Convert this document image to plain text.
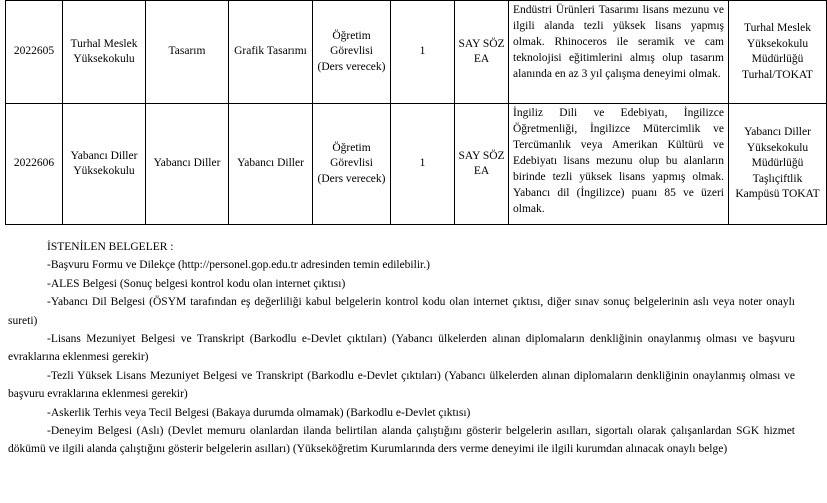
2022605	Turhal Meslek Yüksekokulu	Tasarım	Grafik Tasarımı	Öğretim Görevlisi (Ders verecek)	1	SAY SÖZ EA	Endüstri Ürünleri Tasarımı lisans mezunu ve ilgili alanda tezli yüksek lisans yapmış olmak. Rhinoceros ile seramik ve cam teknolojisi eğitimlerini almış olup tasarım alanında en az 3 yıl çalışma deneyimi olmak.	Turhal Meslek Yüksekokulu Müdürlüğü Turhal/TOKAT
2022606	Yabancı Diller Yüksekokulu	Yabancı Diller	Yabancı Diller	Öğretim Görevlisi (Ders verecek)	1	SAY SÖZ EA	İngiliz Dili ve Edebiyatı, İngilizce Öğretmenliği, İngilizce Mütercimlik ve Tercümanlık veya Amerikan Kültürü ve Edebiyatı lisans mezunu olup bu alanların birinde tezli yüksek lisans yapmış olmak. Yabancı dil (İngilizce) puanı 85 ve üzeri olmak.	Yabancı Diller Yüksekokulu Müdürlüğü Taşlıçiftlik Kampüsü TOKAT
İSTENİLEN BELGELER :
-Başvuru Formu ve Dilekçe (http://personel.gop.edu.tr adresinden temin edilebilir.)
-ALES Belgesi (Sonuç belgesi kontrol kodu olan internet çıktısı)
-Yabancı Dil Belgesi (ÖSYM tarafından eş değerliliği kabul belgelerin kontrol kodu olan internet çıktısı, diğer sınav sonuç belgelerinin aslı veya noter onaylı sureti)
-Lisans Mezuniyet Belgesi ve Transkript (Barkodlu e-Devlet çıktıları) (Yabancı ülkelerden alınan diplomaların denkliğinin onaylanmış olması ve başvuru evraklarına eklenmesi gerekir)
-Tezli Yüksek Lisans Mezuniyet Belgesi ve Transkript (Barkodlu e-Devlet çıktıları) (Yabancı ülkelerden alınan diplomaların denkliğinin onaylanmış olması ve başvuru evraklarına eklenmesi gerekir)
-Askerlik Terhis veya Tecil Belgesi (Bakaya durumda olmamak) (Barkodlu e-Devlet çıktısı)
-Deneyim Belgesi (Aslı) (Devlet memuru olanlardan ilanda belirtilan alanda çalıştığını gösterir belgelerin asılları, sigortalı olarak çalışanlardan SGK hizmet dökümü ve ilgili alanda çalıştığını gösterir belgelerin asılları) (Yükseköğretim Kurumlarında ders verme deneyimi ile ilgili kurumdan alınacak onaylı belge)
